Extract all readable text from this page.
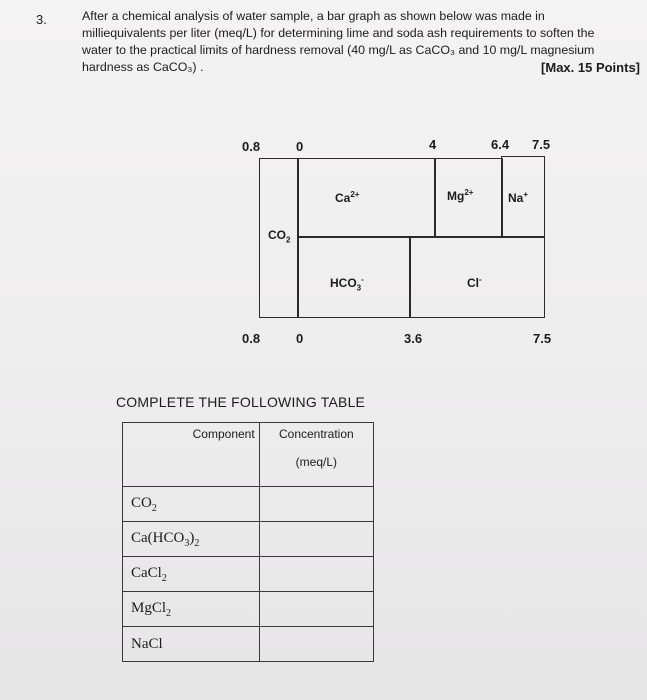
3.	After a chemical analysis of water sample, a bar graph as shown below was made in
milliequivalents per liter (meq/L) for determining lime and soda ash requirements to soften the
water to the practical limits of hardness removal (40 mg/L as CaCO₃ and 10 mg/L magnesium
hardness as CaCO₃) .	[Max. 15 Points]
0.8	0	4	6.4 7.5
$Ca^{2+}$	$Mg^{2+}$	Na+
$CO_2$
$HCO_3^-$	Cl-
0.8	0	3.6	7.5
COMPLETE THE FOLLOWING TABLE
Component	Concentration
(meq/L)

$CO_2$	
$Ca(HCO_3)_2$	
CaCl$_2$	
MgCl$_2$	
NaCl	
